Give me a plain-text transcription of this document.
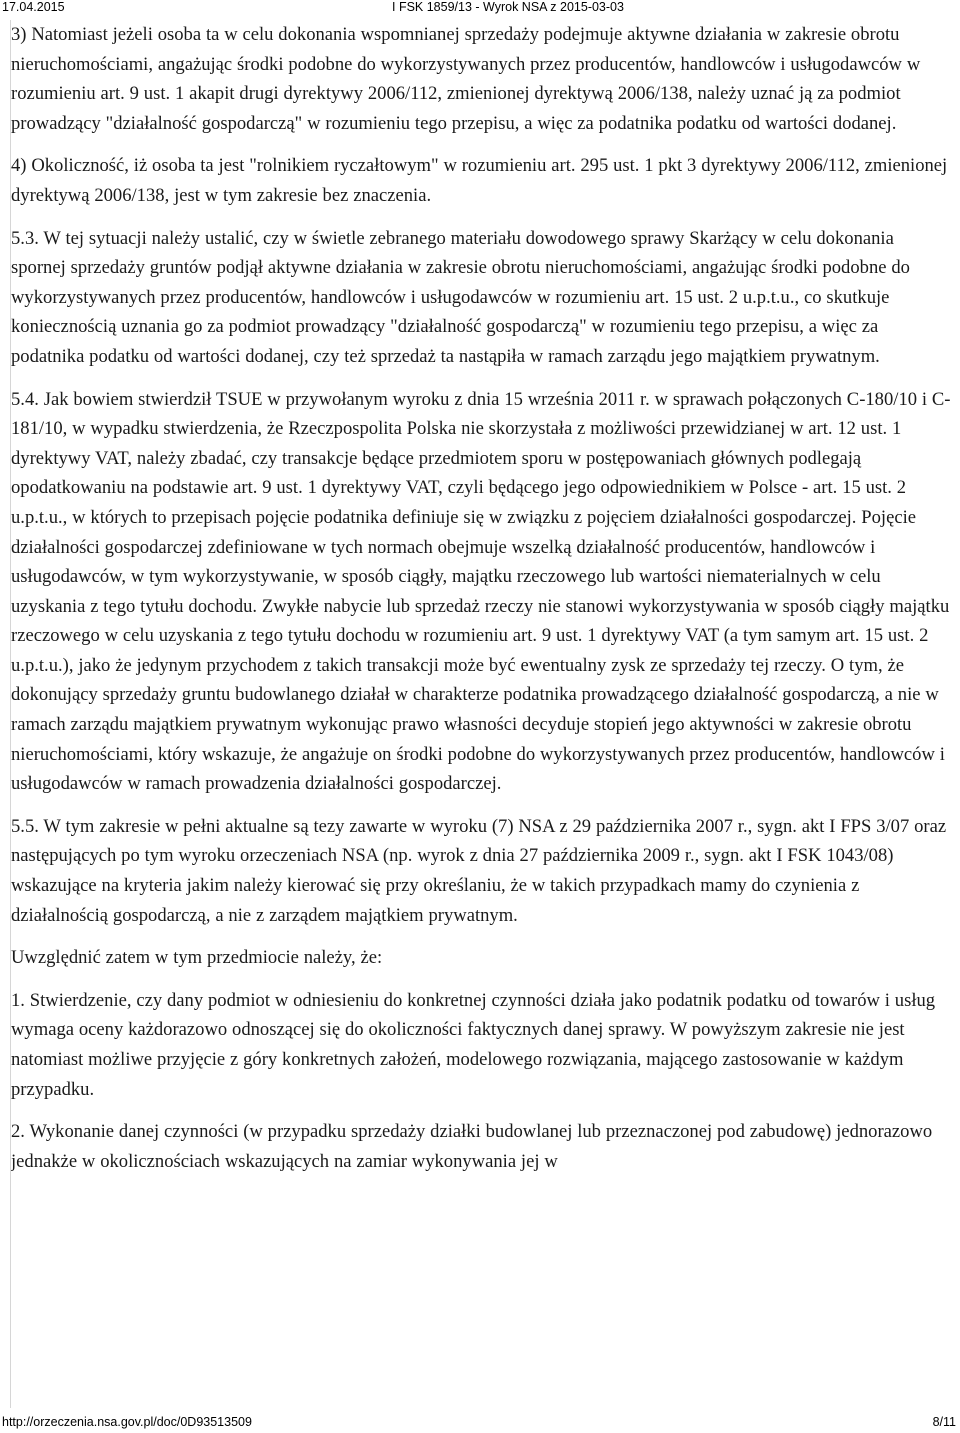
17.04.2015	I FSK 1859/13 - Wyrok NSA z 2015-03-03

3) Natomiast jeżeli osoba ta w celu dokonania wspomnianej sprzedaży podejmuje aktywne działania w zakresie obrotu nieruchomościami, angażując środki podobne do wykorzystywanych przez producentów, handlowców i usługodawców w rozumieniu art. 9 ust. 1 akapit drugi dyrektywy 2006/112, zmienionej dyrektywą 2006/138, należy uznać ją za podmiot prowadzący "działalność gospodarczą" w rozumieniu tego przepisu, a więc za podatnika podatku od wartości dodanej.

4) Okoliczność, iż osoba ta jest "rolnikiem ryczałtowym" w rozumieniu art. 295 ust. 1 pkt 3 dyrektywy 2006/112, zmienionej dyrektywą 2006/138, jest w tym zakresie bez znaczenia.

5.3. W tej sytuacji należy ustalić, czy w świetle zebranego materiału dowodowego sprawy Skarżący w celu dokonania spornej sprzedaży gruntów podjął aktywne działania w zakresie obrotu nieruchomościami, angażując środki podobne do wykorzystywanych przez producentów, handlowców i usługodawców w rozumieniu art. 15 ust. 2 u.p.t.u., co skutkuje koniecznością uznania go za podmiot prowadzący "działalność gospodarczą" w rozumieniu tego przepisu, a więc za podatnika podatku od wartości dodanej, czy też sprzedaż ta nastąpiła w ramach zarządu jego majątkiem prywatnym.

5.4. Jak bowiem stwierdził TSUE w przywołanym wyroku z dnia 15 września 2011 r. w sprawach połączonych C-180/10 i C-181/10, w wypadku stwierdzenia, że Rzeczpospolita Polska nie skorzystała z możliwości przewidzianej w art. 12 ust. 1 dyrektywy VAT, należy zbadać, czy transakcje będące przedmiotem sporu w postępowaniach głównych podlegają opodatkowaniu na podstawie art. 9 ust. 1 dyrektywy VAT, czyli będącego jego odpowiednikiem w Polsce - art. 15 ust. 2 u.p.t.u., w których to przepisach pojęcie podatnika definiuje się w związku z pojęciem działalności gospodarczej. Pojęcie działalności gospodarczej zdefiniowane w tych normach obejmuje wszelką działalność producentów, handlowców i usługodawców, w tym wykorzystywanie, w sposób ciągły, majątku rzeczowego lub wartości niematerialnych w celu uzyskania z tego tytułu dochodu. Zwykłe nabycie lub sprzedaż rzeczy nie stanowi wykorzystywania w sposób ciągły majątku rzeczowego w celu uzyskania z tego tytułu dochodu w rozumieniu art. 9 ust. 1 dyrektywy VAT (a tym samym art. 15 ust. 2 u.p.t.u.), jako że jedynym przychodem z takich transakcji może być ewentualny zysk ze sprzedaży tej rzeczy. O tym, że dokonujący sprzedaży gruntu budowlanego działał w charakterze podatnika prowadzącego działalność gospodarczą, a nie w ramach zarządu majątkiem prywatnym wykonując prawo własności decyduje stopień jego aktywności w zakresie obrotu nieruchomościami, który wskazuje, że angażuje on środki podobne do wykorzystywanych przez producentów, handlowców i usługodawców w ramach prowadzenia działalności gospodarczej.

5.5. W tym zakresie w pełni aktualne są tezy zawarte w wyroku (7) NSA z 29 października 2007 r., sygn. akt I FPS 3/07 oraz następujących po tym wyroku orzeczeniach NSA (np. wyrok z dnia 27 października 2009 r., sygn. akt I FSK 1043/08) wskazujące na kryteria jakim należy kierować się przy określaniu, że w takich przypadkach mamy do czynienia z działalnością gospodarczą, a nie z zarządem majątkiem prywatnym.

Uwzględnić zatem w tym przedmiocie należy, że:

1. Stwierdzenie, czy dany podmiot w odniesieniu do konkretnej czynności działa jako podatnik podatku od towarów i usług wymaga oceny każdorazowo odnoszącej się do okoliczności faktycznych danej sprawy. W powyższym zakresie nie jest natomiast możliwe przyjęcie z góry konkretnych założeń, modelowego rozwiązania, mającego zastosowanie w każdym przypadku.

2. Wykonanie danej czynności (w przypadku sprzedaży działki budowlanej lub przeznaczonej pod zabudowę) jednorazowo jednakże w okolicznościach wskazujących na zamiar wykonywania jej w

http://orzeczenia.nsa.gov.pl/doc/0D93513509	8/11
